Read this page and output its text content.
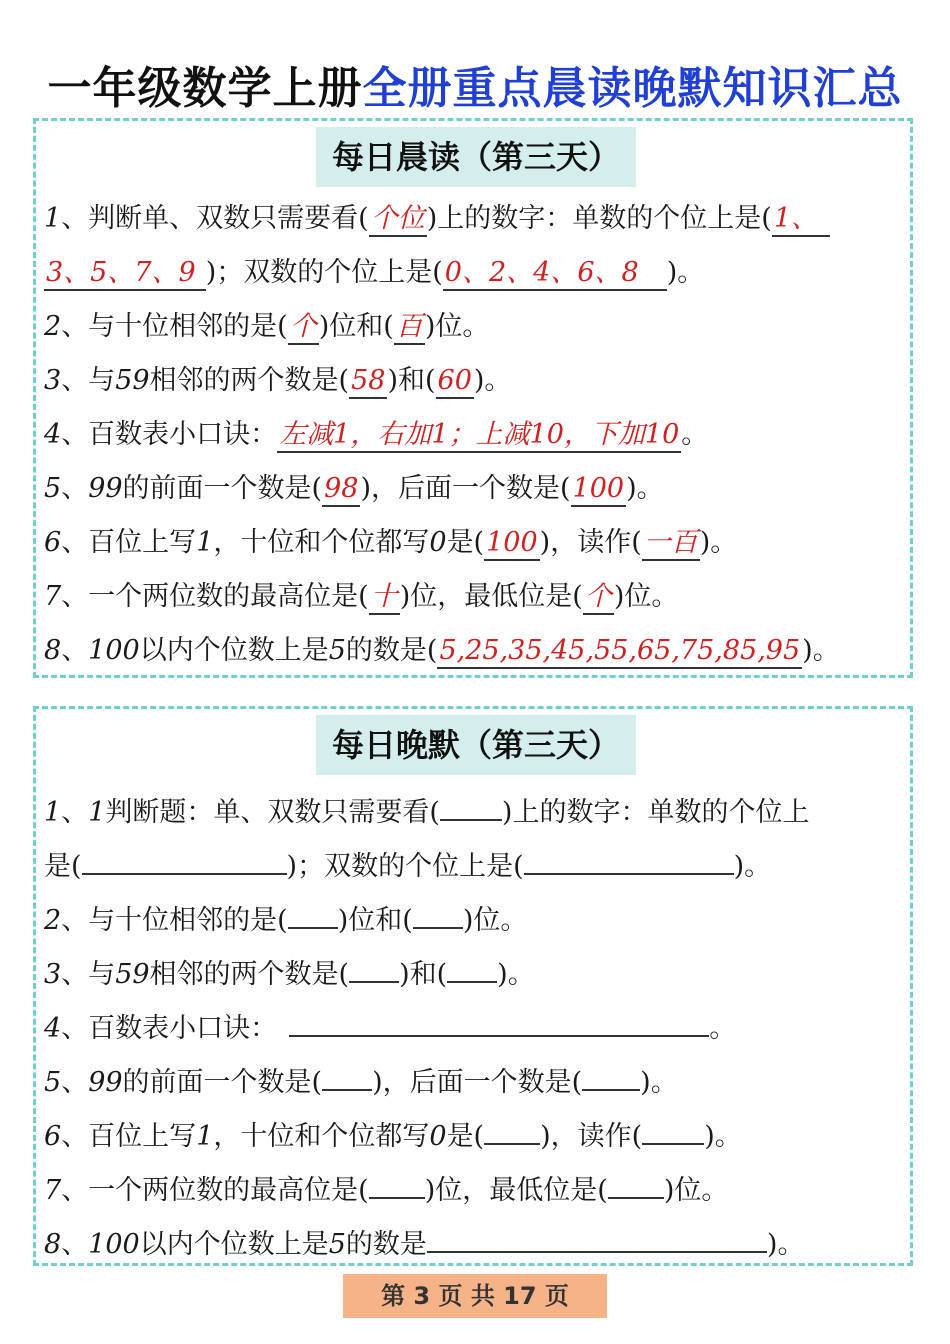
一年级数学上册全册重点晨读晚默知识汇总
每日晨读（第三天）
1、判断单、双数只需要看(个位)上的数字：单数的个位上是(1、
3、5、7、9 )；双数的个位上是(0、2、4、6、8 )。
2、与十位相邻的是(个)位和(百)位。
3、与59相邻的两个数是(58)和(60)。
4、百数表小口诀：左减1，右加1；上减10，下加10。
5、99的前面一个数是(98)，后面一个数是(100)。
6、百位上写1，十位和个位都写0是(100)，读作(一百)。
7、一个两位数的最高位是(十)位，最低位是(个)位。
8、100以内个位数上是5的数是(5,25,35,45,55,65,75,85,95)。
每日晚默（第三天）
1、1判断题：单、双数只需要看( )上的数字：单数的个位上
是(	)；双数的个位上是(	)。
2、与十位相邻的是( )位和( )位。
3、与59相邻的两个数是( )和( )。
4、百数表小口诀：	。
5、99的前面一个数是( )，后面一个数是( )。
6、百位上写1，十位和个位都写0是( )，读作( )。
7、一个两位数的最高位是( )位，最低位是( )位。
8、100以内个位数上是5的数是	)。
第 3 页 共 17 页
